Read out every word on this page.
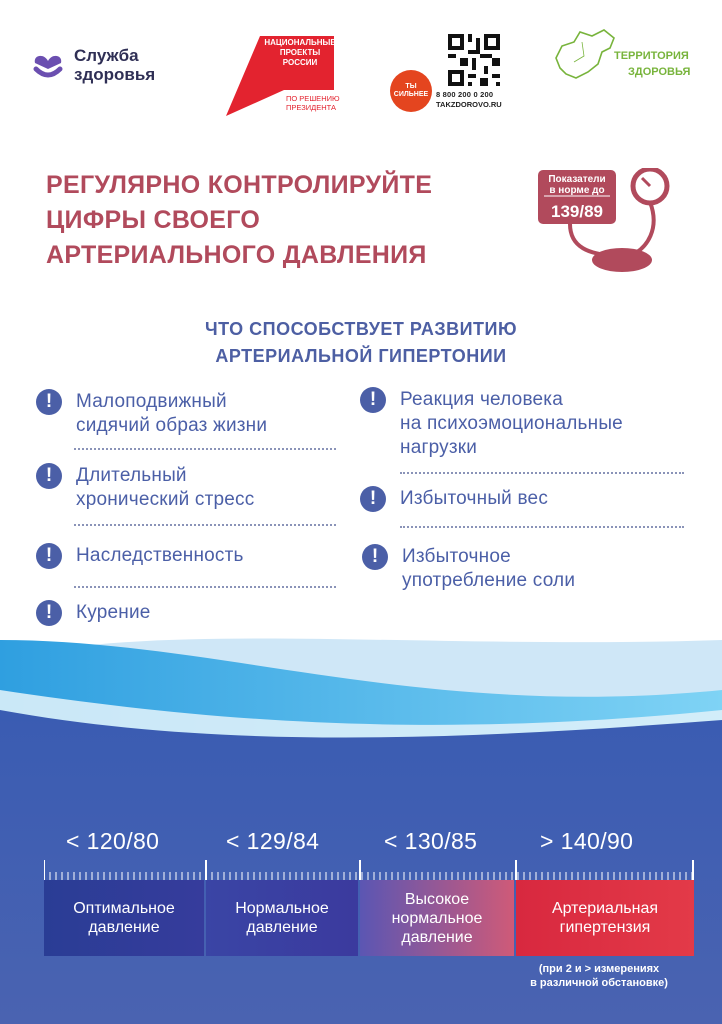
Служба
здоровья
НАЦИОНАЛЬНЫЕ
ПРОЕКТЫ
РОССИИ
ПО РЕШЕНИЮ
ПРЕЗИДЕНТА
ТЫ СИЛЬНЕЕ	8 800 200 0 200
TAKZDOROVO.RU
ТЕРРИТОРИЯ
ЗДОРОВЬЯ
РЕГУЛЯРНО КОНТРОЛИРУЙТЕ
ЦИФРЫ СВОЕГО
АРТЕРИАЛЬНОГО ДАВЛЕНИЯ
Показатели
в норме до
139/89
ЧТО СПОСОБСТВУЕТ РАЗВИТИЮ
АРТЕРИАЛЬНОЙ ГИПЕРТОНИИ
!	Малоподвижный
сидячий образ жизни
!	Длительный
хронический стресс
!	Наследственность
!	Курение
!	Реакция человека
на психоэмоциональные
нагрузки
!	Избыточный вес
!	Избыточное
употребление соли
< 120/80	< 129/84	< 130/85	> 140/90
Оптимальное
давление
Нормальное
давление
Высокое
нормальное
давление
Артериальная
гипертензия
(при 2 и > измерениях
в различной обстановке)
